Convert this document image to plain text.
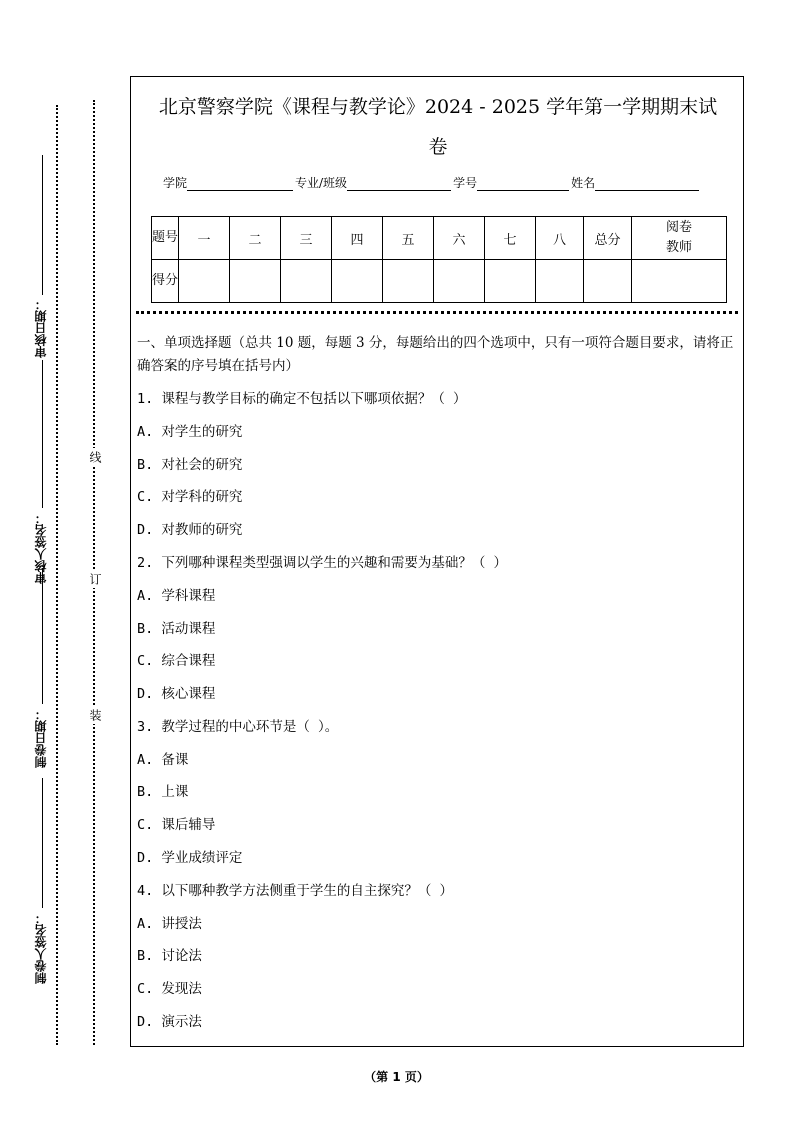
审核日期：
审核人签名：
制卷日期：
制卷人签名：
线
订
装
北京警察学院《课程与教学论》2024 - 2025 学年第一学期期末试
卷
学院	专业/班级	学号	姓名
题号	一	二	三	四	五	六	七	八	总分	阅卷教师
得分										
一、单项选择题（总共 10 题，每题 3 分，每题给出的四个选项中，只有一项符合题目要求，请将正确答案的序号填在括号内）
1. 课程与教学目标的确定不包括以下哪项依据？（ ）
A. 对学生的研究
B. 对社会的研究
C. 对学科的研究
D. 对教师的研究
2. 下列哪种课程类型强调以学生的兴趣和需要为基础？（ ）
A. 学科课程
B. 活动课程
C. 综合课程
D. 核心课程
3. 教学过程的中心环节是（ ）。
A. 备课
B. 上课
C. 课后辅导
D. 学业成绩评定
4. 以下哪种教学方法侧重于学生的自主探究？（ ）
A. 讲授法
B. 讨论法
C. 发现法
D. 演示法
（第 1 页）
